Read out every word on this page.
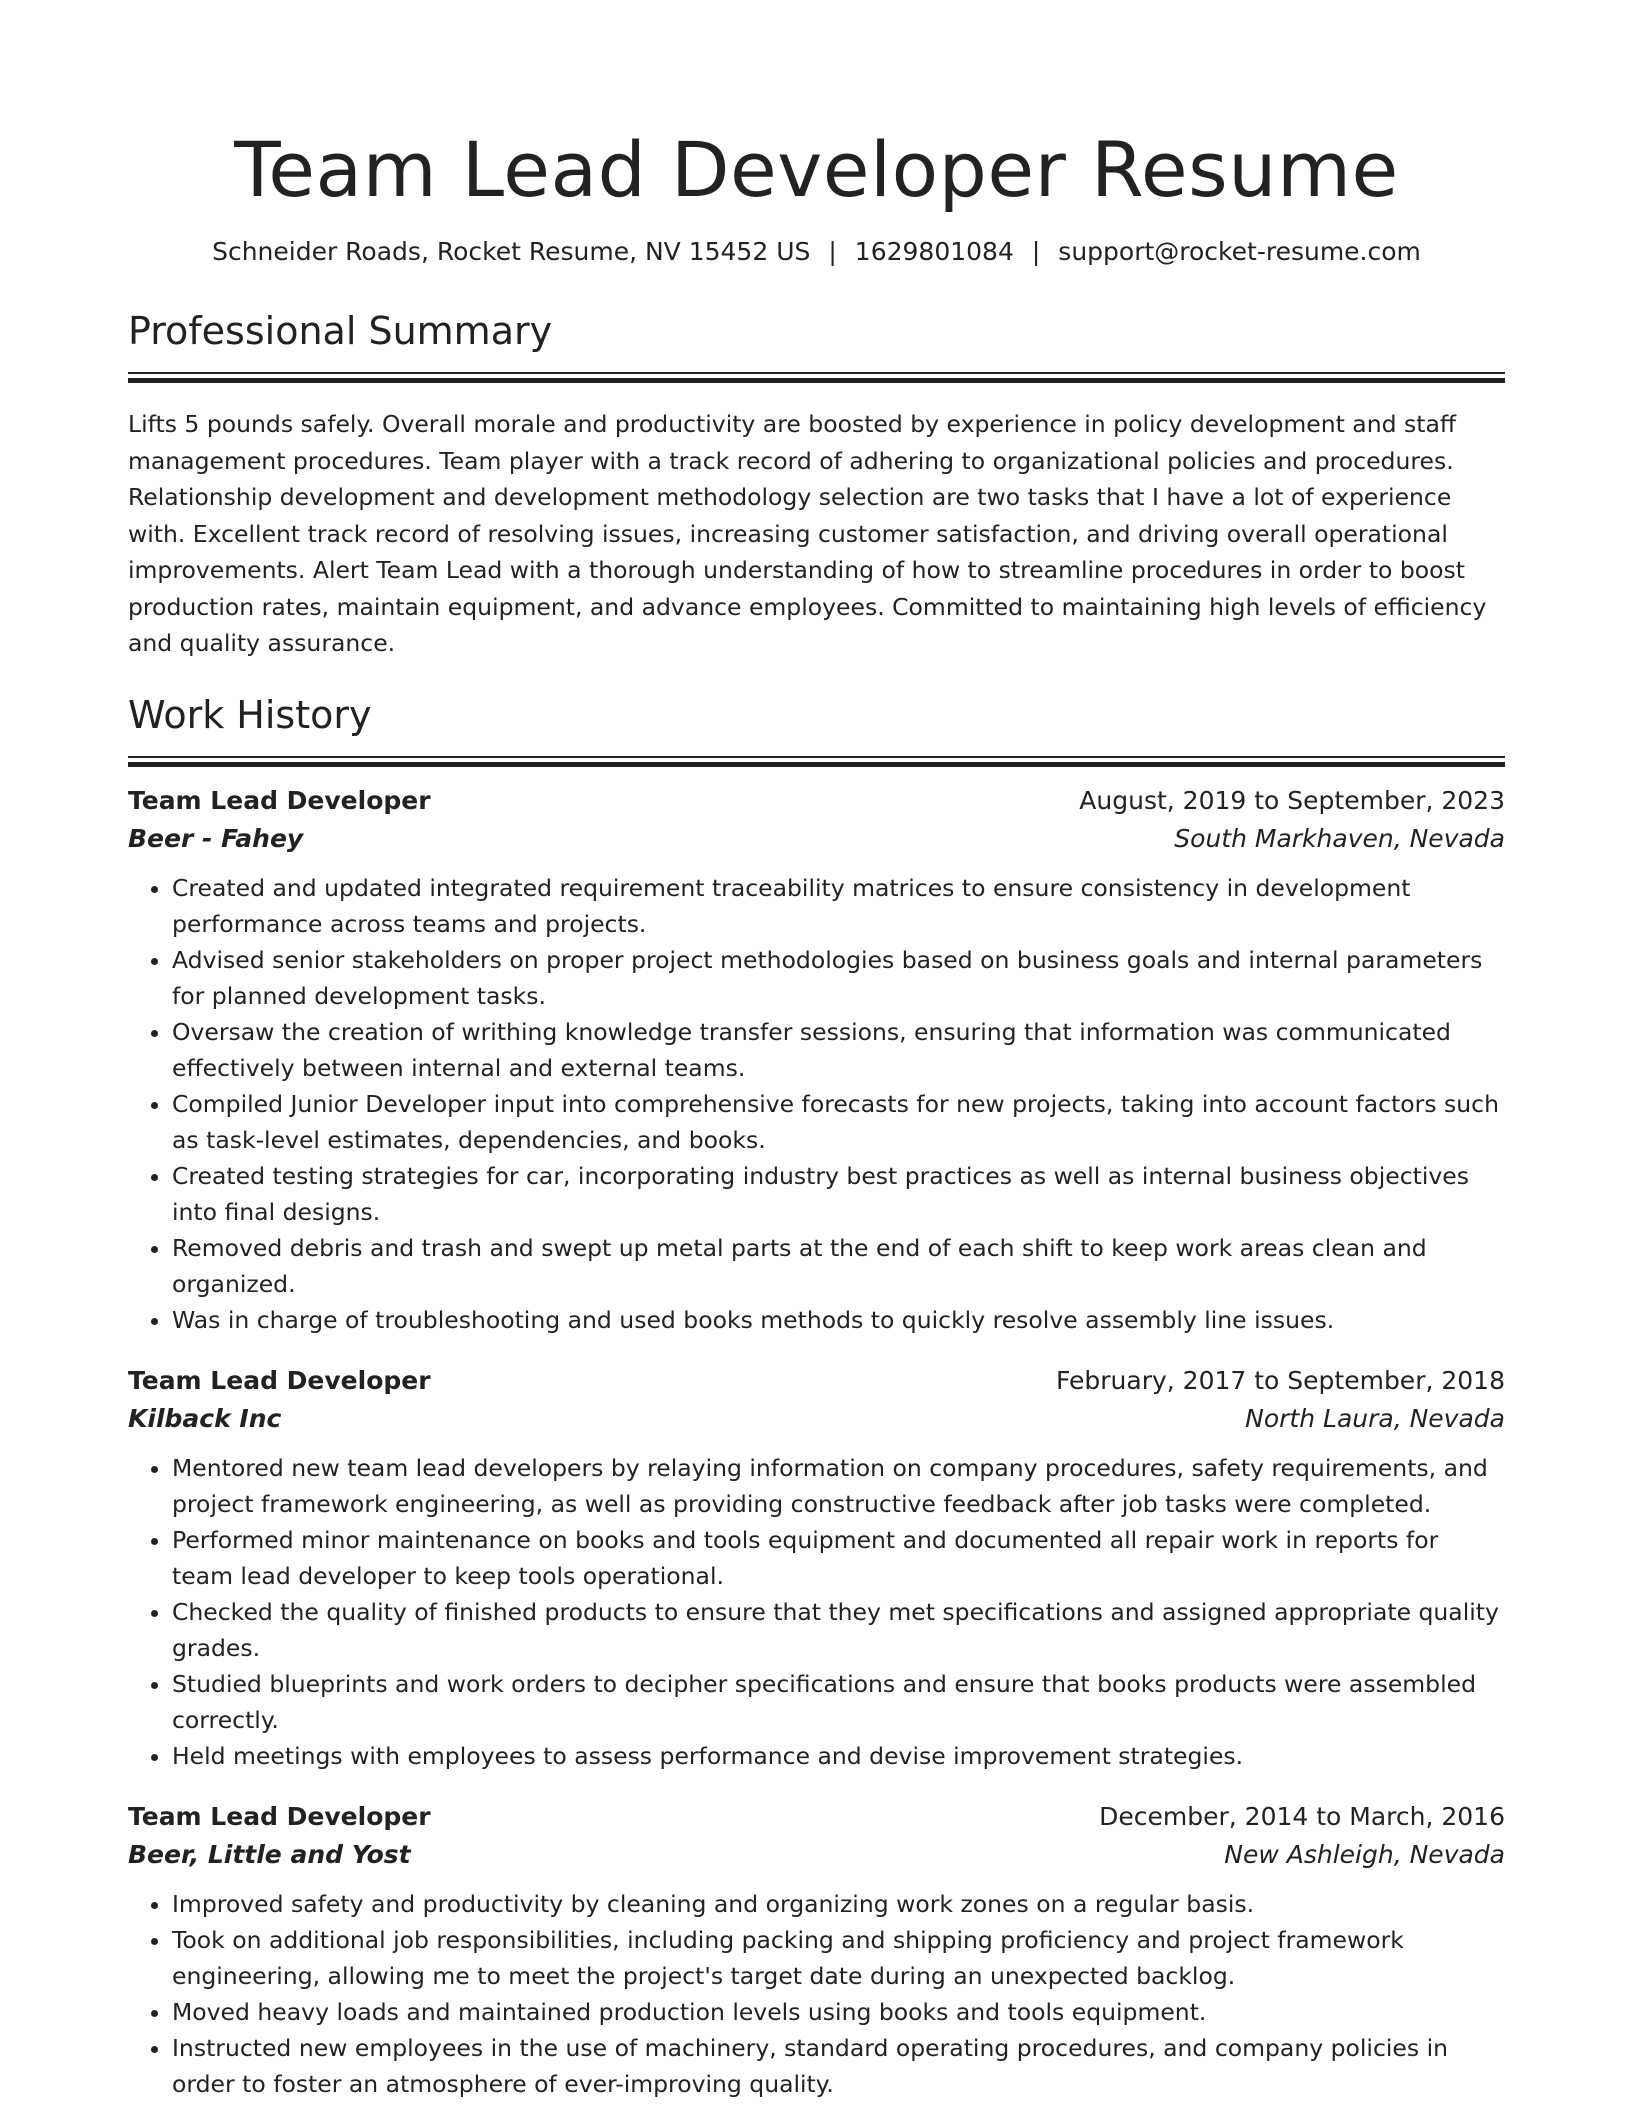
Team Lead Developer Resume
Schneider Roads, Rocket Resume, NV 15452 US | 1629801084 | support@rocket-resume.com
Professional Summary

Lifts 5 pounds safely. Overall morale and productivity are boosted by experience in policy development and staff management procedures. Team player with a track record of adhering to organizational policies and procedures. Relationship development and development methodology selection are two tasks that I have a lot of experience with. Excellent track record of resolving issues, increasing customer satisfaction, and driving overall operational improvements. Alert Team Lead with a thorough understanding of how to streamline procedures in order to boost production rates, maintain equipment, and advance employees. Committed to maintaining high levels of efficiency and quality assurance.

Work History
Team Lead Developer	August, 2019 to September, 2023
Beer - Fahey	South Markhaven, Nevada
• Created and updated integrated requirement traceability matrices to ensure consistency in development performance across teams and projects.
• Advised senior stakeholders on proper project methodologies based on business goals and internal parameters for planned development tasks.
• Oversaw the creation of writhing knowledge transfer sessions, ensuring that information was communicated effectively between internal and external teams.
• Compiled Junior Developer input into comprehensive forecasts for new projects, taking into account factors such as task-level estimates, dependencies, and books.
• Created testing strategies for car, incorporating industry best practices as well as internal business objectives into final designs.
• Removed debris and trash and swept up metal parts at the end of each shift to keep work areas clean and organized.
• Was in charge of troubleshooting and used books methods to quickly resolve assembly line issues.
Team Lead Developer	February, 2017 to September, 2018
Kilback Inc	North Laura, Nevada
• Mentored new team lead developers by relaying information on company procedures, safety requirements, and project framework engineering, as well as providing constructive feedback after job tasks were completed.
• Performed minor maintenance on books and tools equipment and documented all repair work in reports for team lead developer to keep tools operational.
• Checked the quality of finished products to ensure that they met specifications and assigned appropriate quality grades.
• Studied blueprints and work orders to decipher specifications and ensure that books products were assembled correctly.
• Held meetings with employees to assess performance and devise improvement strategies.
Team Lead Developer	December, 2014 to March, 2016
Beer, Little and Yost	New Ashleigh, Nevada
• Improved safety and productivity by cleaning and organizing work zones on a regular basis.
• Took on additional job responsibilities, including packing and shipping proficiency and project framework engineering, allowing me to meet the project's target date during an unexpected backlog.
• Moved heavy loads and maintained production levels using books and tools equipment.
• Instructed new employees in the use of machinery, standard operating procedures, and company policies in order to foster an atmosphere of ever-improving quality.
